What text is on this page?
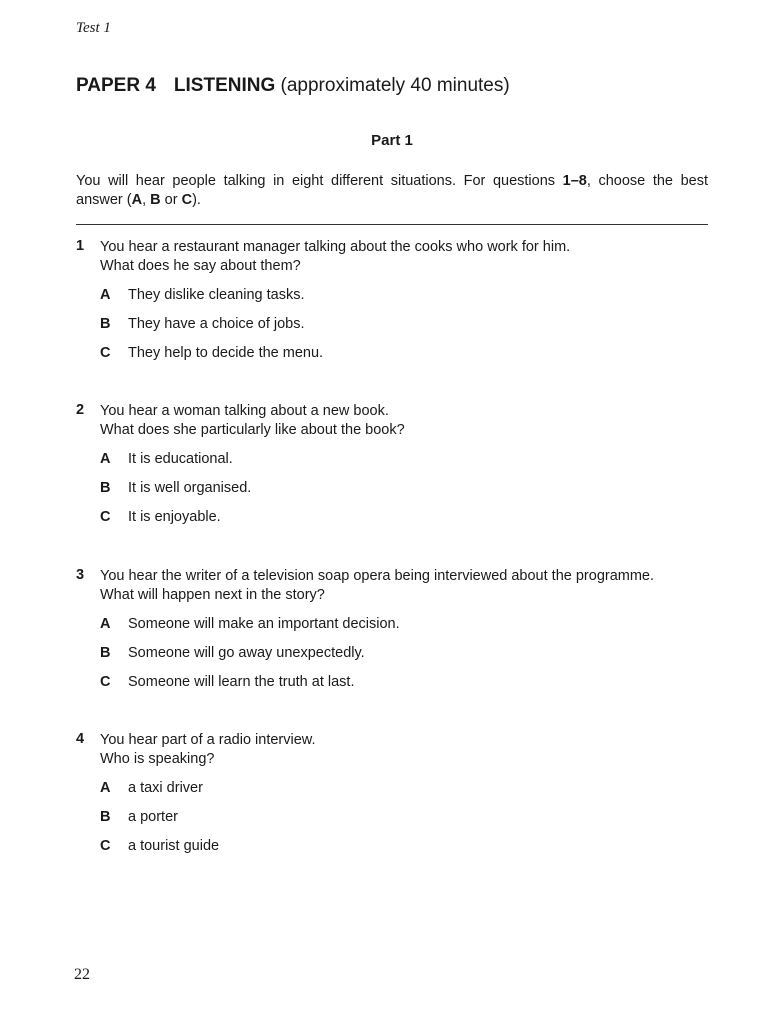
Test 1
PAPER 4 LISTENING (approximately 40 minutes)
Part 1
You will hear people talking in eight different situations. For questions 1–8, choose the best answer (A, B or C).
1 You hear a restaurant manager talking about the cooks who work for him.
What does he say about them?
A They dislike cleaning tasks.
B They have a choice of jobs.
C They help to decide the menu.
2 You hear a woman talking about a new book.
What does she particularly like about the book?
A It is educational.
B It is well organised.
C It is enjoyable.
3 You hear the writer of a television soap opera being interviewed about the programme.
What will happen next in the story?
A Someone will make an important decision.
B Someone will go away unexpectedly.
C Someone will learn the truth at last.
4 You hear part of a radio interview.
Who is speaking?
A a taxi driver
B a porter
C a tourist guide
22
